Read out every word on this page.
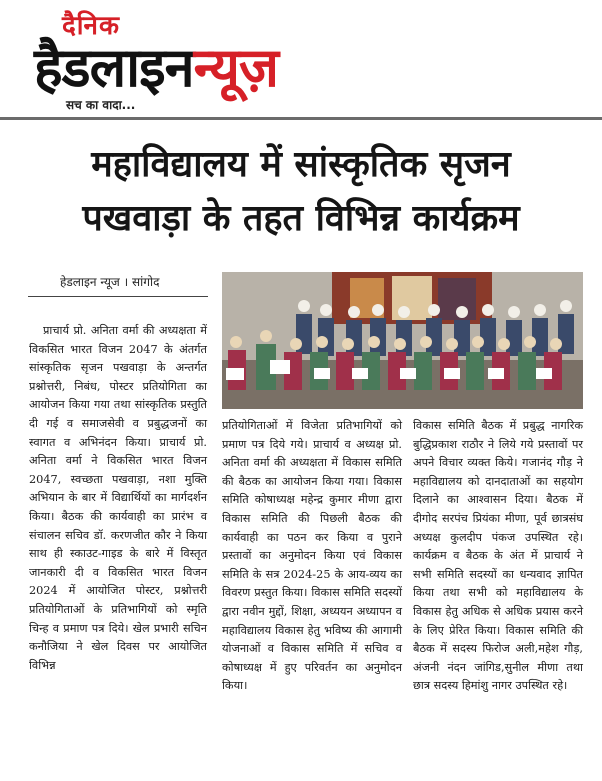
दैनिक
हैडलाइनन्यूज़
सच का वादा...
महाविद्यालय में सांस्कृतिक सृजन
पखवाड़ा के तहत विभिन्न कार्यक्रम
हेडलाइन न्यूज । सांगोद
प्राचार्य प्रो. अनिता वर्मा की अध्यक्षता में विकसित भारत विजन 2047 के अंतर्गत सांस्कृतिक सृजन पखवाड़ा के अन्तर्गत प्रश्नोत्तरी, निबंध, पोस्टर प्रतियोगिता का आयोजन किया गया तथा सांस्कृतिक प्रस्तुति दी गई व समाजसेवी व प्रबुद्धजनों का स्वागत व अभिनंदन किया। प्राचार्य प्रो. अनिता वर्मा ने विकसित भारत विजन 2047, स्वच्छता पखवाड़ा, नशा मुक्ति अभियान के बार में विद्यार्थियों का मार्गदर्शन किया। बैठक की कार्यवाही का प्रारंभ व संचालन सचिव डॉ. करणजीत कौर ने किया साथ ही स्काउट-गाइड के बारे में विस्तृत जानकारी दी व विकसित भारत विजन 2024 में आयोजित पोस्टर, प्रश्नोत्तरी प्रतियोगिताओं के प्रतिभागियों को स्मृति चिन्ह व प्रमाण पत्र दिये। खेल प्रभारी सचिन कनौजिया ने खेल दिवस पर आयोजित विभिन्न
प्रतियोगिताओं में विजेता प्रतिभागियों को प्रमाण पत्र दिये गये। प्राचार्य व अध्यक्ष प्रो. अनिता वर्मा की अध्यक्षता में विकास समिति की बैठक का आयोजन किया गया। विकास समिति कोषाध्यक्ष महेन्द्र कुमार मीणा द्वारा विकास समिति की पिछली बैठक की कार्यवाही का पठन कर किया व पुराने प्रस्तावों का अनुमोदन किया एवं विकास समिति के सत्र 2024-25 के आय-व्यय का विवरण प्रस्तुत किया। विकास समिति सदस्यों द्वारा नवीन मुद्दों, शिक्षा, अध्ययन अध्यापन व महाविद्यालय विकास हेतु भविष्य की आगामी योजनाओं व विकास समिति में सचिव व कोषाध्यक्ष में हुए परिवर्तन का अनुमोदन किया।
विकास समिति बैठक में प्रबुद्ध नागरिक बुद्धिप्रकाश राठौर ने लिये गये प्रस्तावों पर अपने विचार व्यक्त किये। गजानंद गौड़ ने महाविद्यालय को दानदाताओं का सहयोग दिलाने का आश्वासन दिया। बैठक में दीगोद सरपंच प्रियंका मीणा, पूर्व छात्रसंघ अध्यक्ष कुलदीप पंकज उपस्थित रहे। कार्यक्रम व बैठक के अंत में प्राचार्य ने सभी समिति सदस्यों का धन्यवाद ज्ञापित किया तथा सभी को महाविद्यालय के विकास हेतु अधिक से अधिक प्रयास करने के लिए प्रेरित किया। विकास समिति की बैठक में सदस्य फिरोज अली,महेश गौड़, अंजनी नंदन जांगिड,सुनील मीणा तथा छात्र सदस्य हिमांशु नागर उपस्थित रहे।
